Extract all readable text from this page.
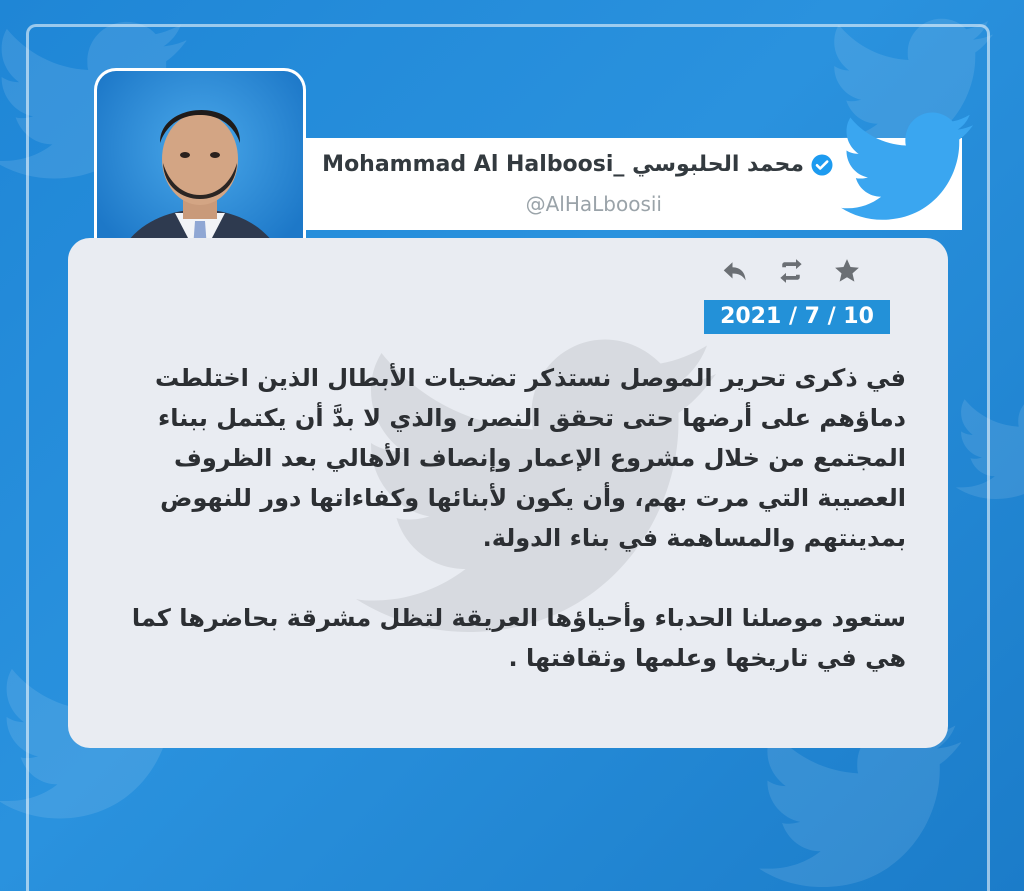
Mohammad Al Halboosi_ محمد الحلبوسي
@AlHaLboosii
2021 / 7 / 10

في ذكرى تحرير الموصل نستذكر تضحيات الأبطال الذين اختلطت دماؤهم على أرضها حتى تحقق النصر، والذي لا بدَّ أن يكتمل ببناء المجتمع من خلال مشروع الإعمار وإنصاف الأهالي بعد الظروف العصيبة التي مرت بهم، وأن يكون لأبنائها وكفاءاتها دور للنهوض بمدينتهم والمساهمة في بناء الدولة.

ستعود موصلنا الحدباء وأحياؤها العريقة لتظل مشرقة بحاضرها كما هي في تاريخها وعلمها وثقافتها .
